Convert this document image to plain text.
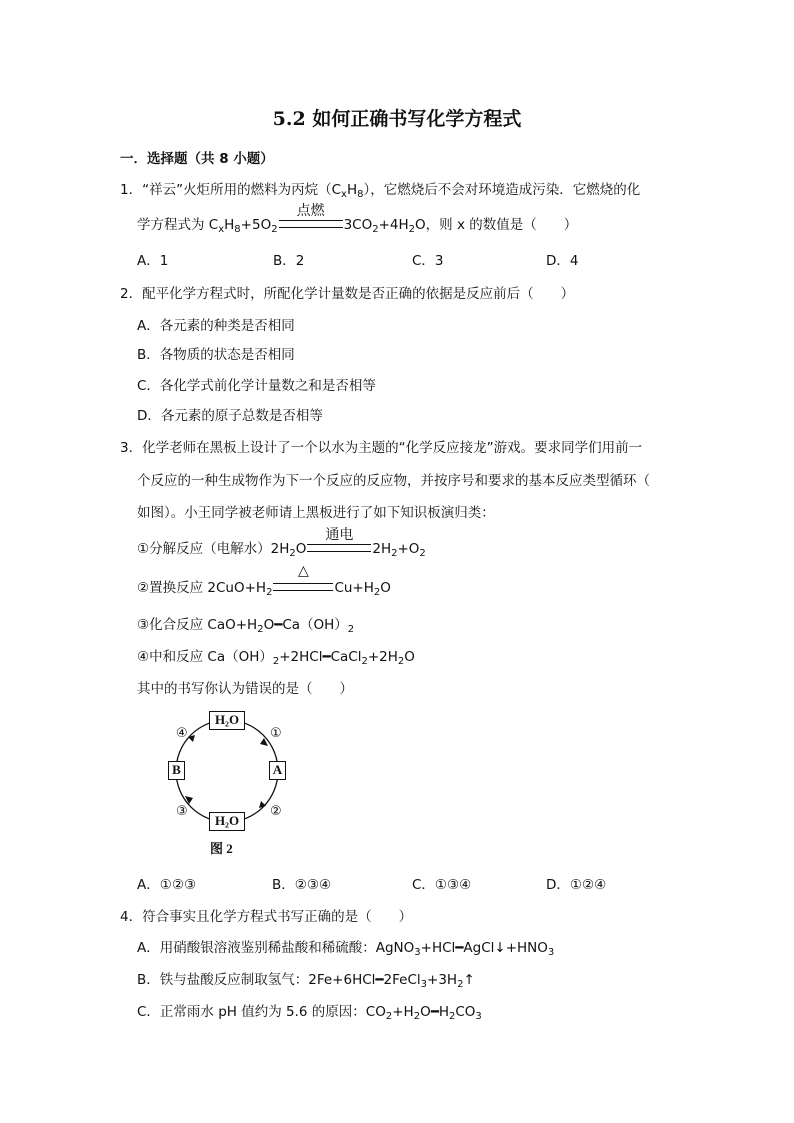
5.2 如何正确书写化学方程式
一．选择题（共 8 小题）
1．“祥云”火炬所用的燃料为丙烷$(C_xH_8)$，它燃烧后不会对环境造成污染．它燃烧的化
学方程式为 $C_xH_8+5O_2$
点燃
$3CO_2+4H_2O$，则 x 的数值是（　　）
A．1	B．2	C．3	D．4
2．配平化学方程式时，所配化学计量数是否正确的依据是反应前后（　　）
A．各元素的种类是否相同
B．各物质的状态是否相同
C．各化学式前化学计量数之和是否相等
D．各元素的原子总数是否相等
3．化学老师在黑板上设计了一个以水为主题的“化学反应接龙”游戏。要求同学们用前一
个反应的一种生成物作为下一个反应的反应物，并按序号和要求的基本反应类型循环（
如图）。小王同学被老师请上黑板进行了如下知识板演归类：
①分解反应（电解水）$2H_2O$
通电
$2H_2+O_2$
②置换反应 $2CuO+H_2$
△
$Cu+H_2O$
③化合反应 $CaO+H_2O━Ca(OH)_2$
④中和反应 $Ca(OH)_2+2HCl━CaCl_2+2H_2O$
其中的书写你认为错误的是（　　）
H₂O
H₂O
B	A
①
②
③
④
图 2
A．①②③	B．②③④	C．①③④	D．①②④
4．符合事实且化学方程式书写正确的是（　　）
A．用硝酸银溶液鉴别稀盐酸和稀硫酸：$AgNO_3+HCl━AgCl↓+HNO_3$
B．铁与盐酸反应制取氢气：$2Fe+6HCl━2FeCl_3+3H_2↑$
C．正常雨水 pH 值约为 5.6 的原因：$CO_2+H_2O━H_2CO_3$
